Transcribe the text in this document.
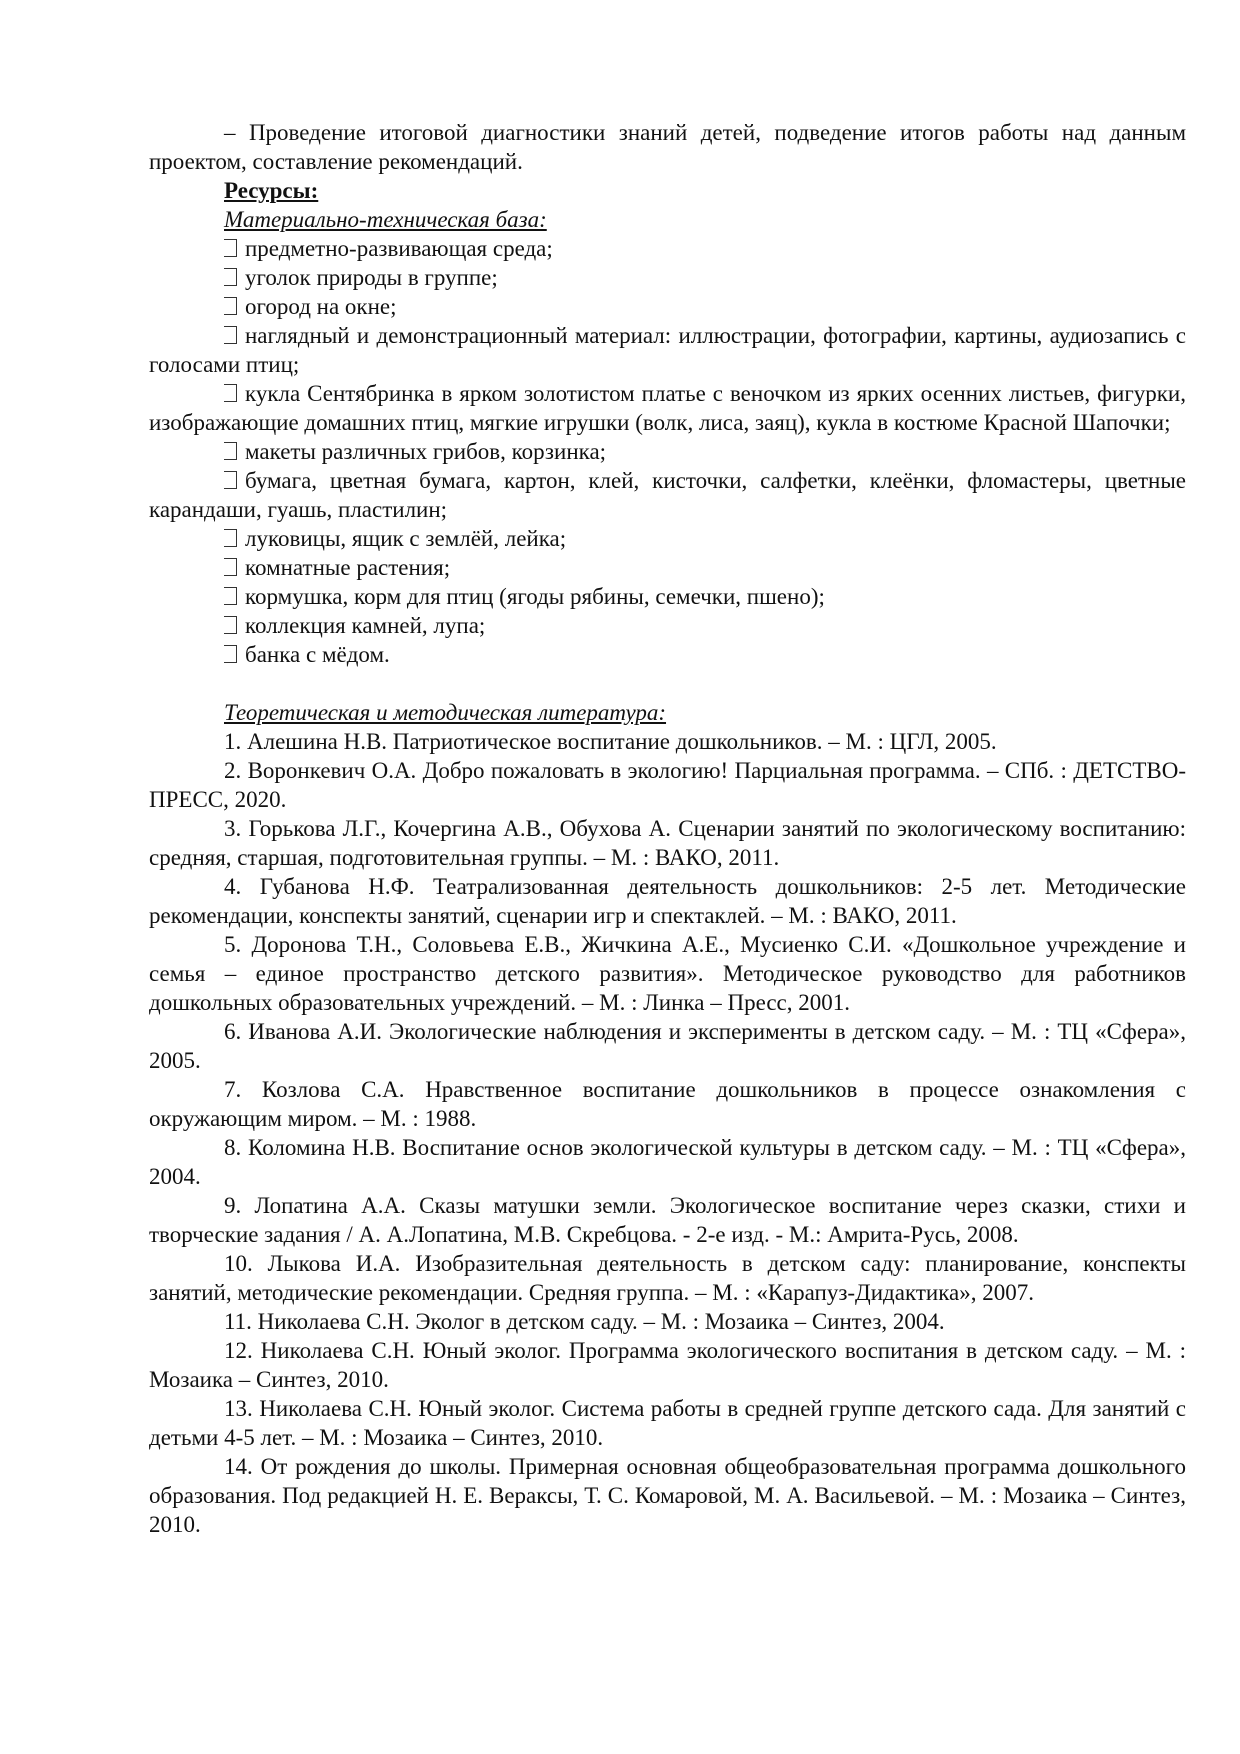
– Проведение итоговой диагностики знаний детей, подведение итогов работы над данным проектом, составление рекомендаций.

Ресурсы:

Материально-техническая база:

предметно-развивающая среда;

уголок природы в группе;

огород на окне;

наглядный и демонстрационный материал: иллюстрации, фотографии, картины, аудиозапись с голосами птиц;

кукла Сентябринка в ярком золотистом платье с веночком из ярких осенних листьев, фигурки, изображающие домашних птиц, мягкие игрушки (волк, лиса, заяц), кукла в костюме Красной Шапочки;

макеты различных грибов, корзинка;

бумага, цветная бумага, картон, клей, кисточки, салфетки, клеёнки, фломастеры, цветные карандаши, гуашь, пластилин;

луковицы, ящик с землёй, лейка;

комнатные растения;

кормушка, корм для птиц (ягоды рябины, семечки, пшено);

коллекция камней, лупа;

банка с мёдом.

Теоретическая и методическая литература:

1. Алешина Н.В. Патриотическое воспитание дошкольников. – М. : ЦГЛ, 2005.

2. Воронкевич О.А. Добро пожаловать в экологию! Парциальная программа. – СПб. : ДЕТСТВО-ПРЕСС, 2020.

3. Горькова Л.Г., Кочергина А.В., Обухова А. Сценарии занятий по экологическому воспитанию: средняя, старшая, подготовительная группы. – М. : ВАКО, 2011.

4. Губанова Н.Ф. Театрализованная деятельность дошкольников: 2-5 лет. Методические рекомендации, конспекты занятий, сценарии игр и спектаклей. – М. : ВАКО, 2011.

5. Доронова Т.Н., Соловьева Е.В., Жичкина А.Е., Мусиенко С.И. «Дошкольное учреждение и семья – единое пространство детского развития». Методическое руководство для работников дошкольных образовательных учреждений. – М. : Линка – Пресс, 2001.

6. Иванова А.И. Экологические наблюдения и эксперименты в детском саду. – М. : ТЦ «Сфера», 2005.

7. Козлова С.А. Нравственное воспитание дошкольников в процессе ознакомления с окружающим миром. – М. : 1988.

8. Коломина Н.В. Воспитание основ экологической культуры в детском саду. – М. : ТЦ «Сфера», 2004.

9. Лопатина А.А. Сказы матушки земли. Экологическое воспитание через сказки, стихи и творческие задания / А. А.Лопатина, М.В. Скребцова. - 2-е изд. - М.: Амрита-Русь, 2008.

10. Лыкова И.А. Изобразительная деятельность в детском саду: планирование, конспекты занятий, методические рекомендации. Средняя группа. – М. : «Карапуз-Дидактика», 2007.

11. Николаева С.Н. Эколог в детском саду. – М. : Мозаика – Синтез, 2004.

12. Николаева С.Н. Юный эколог. Программа экологического воспитания в детском саду. – М. : Мозаика – Синтез, 2010.

13. Николаева С.Н. Юный эколог. Система работы в средней группе детского сада. Для занятий с детьми 4-5 лет. – М. : Мозаика – Синтез, 2010.

14. От рождения до школы. Примерная основная общеобразовательная программа дошкольного образования. Под редакцией Н. Е. Вераксы, Т. С. Комаровой, М. А. Васильевой. – М. : Мозаика – Синтез, 2010.
